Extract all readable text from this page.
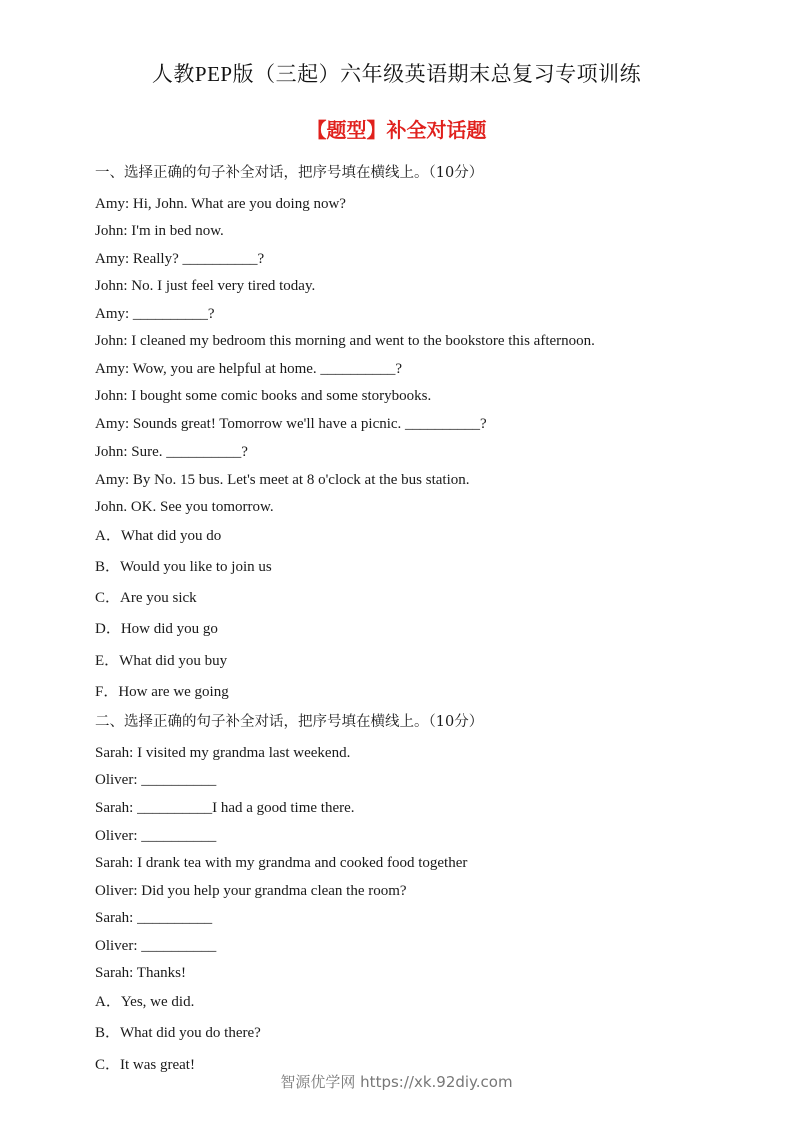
人教PEP版（三起）六年级英语期末总复习专项训练
【题型】补全对话题
一、选择正确的句子补全对话，把序号填在横线上。（10分）
Amy: Hi, John. What are you doing now?
John: I'm in bed now.
Amy: Really? __________?
John: No. I just feel very tired today.
Amy: __________?
John: I cleaned my bedroom this morning and went to the bookstore this afternoon.
Amy: Wow, you are helpful at home. __________?
John: I bought some comic books and some storybooks.
Amy: Sounds great! Tomorrow we'll have a picnic. __________?
John: Sure. __________?
Amy: By No. 15 bus. Let's meet at 8 o'clock at the bus station.
John. OK. See you tomorrow.
A．What did you do
B．Would you like to join us
C．Are you sick
D．How did you go
E．What did you buy
F．How are we going
二、选择正确的句子补全对话，把序号填在横线上。（10分）
Sarah: I visited my grandma last weekend.
Oliver: __________
Sarah: __________I had a good time there.
Oliver: __________
Sarah: I drank tea with my grandma and cooked food together
Oliver: Did you help your grandma clean the room?
Sarah: __________
Oliver: __________
Sarah: Thanks!
A．Yes, we did.
B．What did you do there?
C．It was great!
智源优学网 https://xk.92diy.com
